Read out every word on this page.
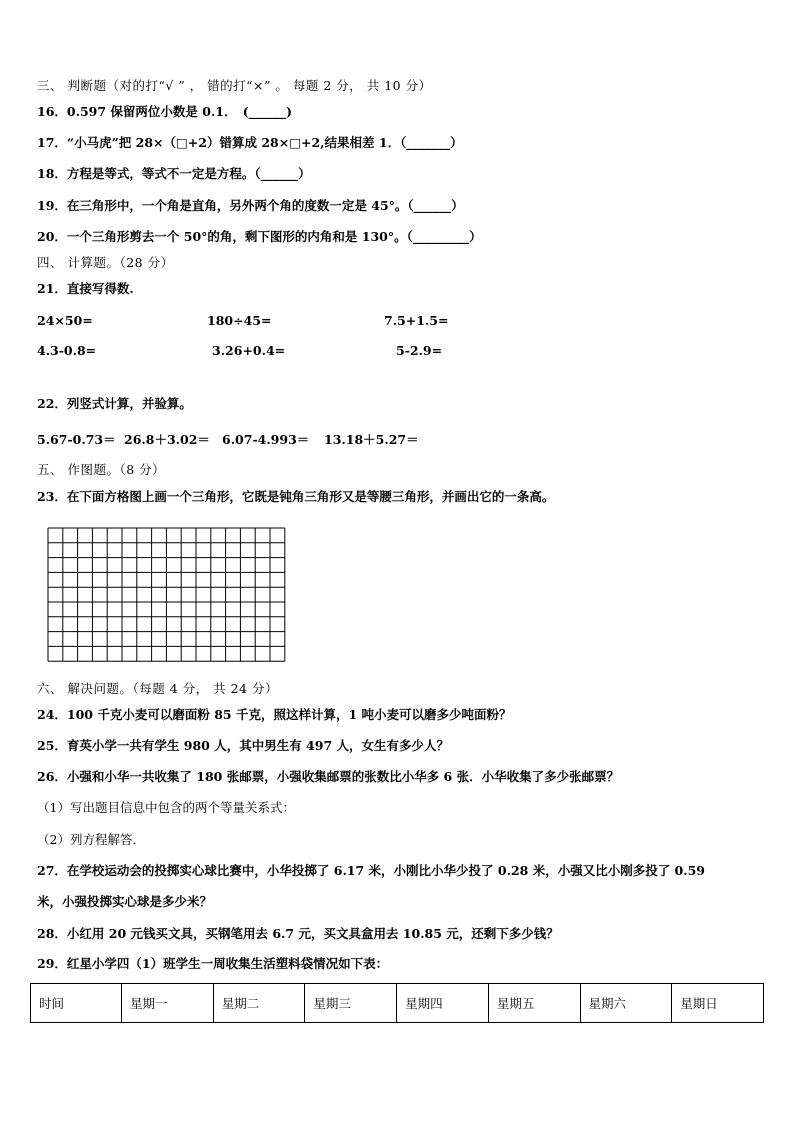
三、 判断题（对的打“√ ” ， 错的打“×” 。 每题 2 分， 共 10 分）
16．0.597 保留两位小数是 0.1．　(______)
17．“小马虎”把 28×（□+2）错算成 28×□+2,结果相差 1．（_______）
18．方程是等式，等式不一定是方程。（______）
19．在三角形中，一个角是直角，另外两个角的度数一定是 45°。（______）
20．一个三角形剪去一个 50°的角，剩下图形的内角和是 130°。（_________）
四、 计算题。（28 分）
21．直接写得数.
24×50=	180÷45=	7.5+1.5=
4.3-0.8=	3.26+0.4=	5-2.9=
22．列竖式计算，并验算。
5.67-0.73＝ 26.8＋3.02＝ 6.07-4.993＝ 13.18＋5.27＝
五、 作图题。（8 分）
23．在下面方格图上画一个三角形，它既是钝角三角形又是等腰三角形，并画出它的一条高。
六、 解决问题。（每题 4 分， 共 24 分）
24．100 千克小麦可以磨面粉 85 千克，照这样计算，1 吨小麦可以磨多少吨面粉？
25．育英小学一共有学生 980 人，其中男生有 497 人，女生有多少人？
26．小强和小华一共收集了 180 张邮票，小强收集邮票的张数比小华多 6 张．小华收集了多少张邮票？
（1）写出题目信息中包含的两个等量关系式：
（2）列方程解答．
27．在学校运动会的投掷实心球比赛中，小华投掷了 6.17 米，小刚比小华少投了 0.28 米，小强又比小刚多投了 0.59
米，小强投掷实心球是多少米？
28．小红用 20 元钱买文具，买钢笔用去 6.7 元，买文具盒用去 10.85 元，还剩下多少钱？
29．红星小学四（1）班学生一周收集生活塑料袋情况如下表：
时间	星期一	星期二	星期三	星期四	星期五	星期六	星期日
